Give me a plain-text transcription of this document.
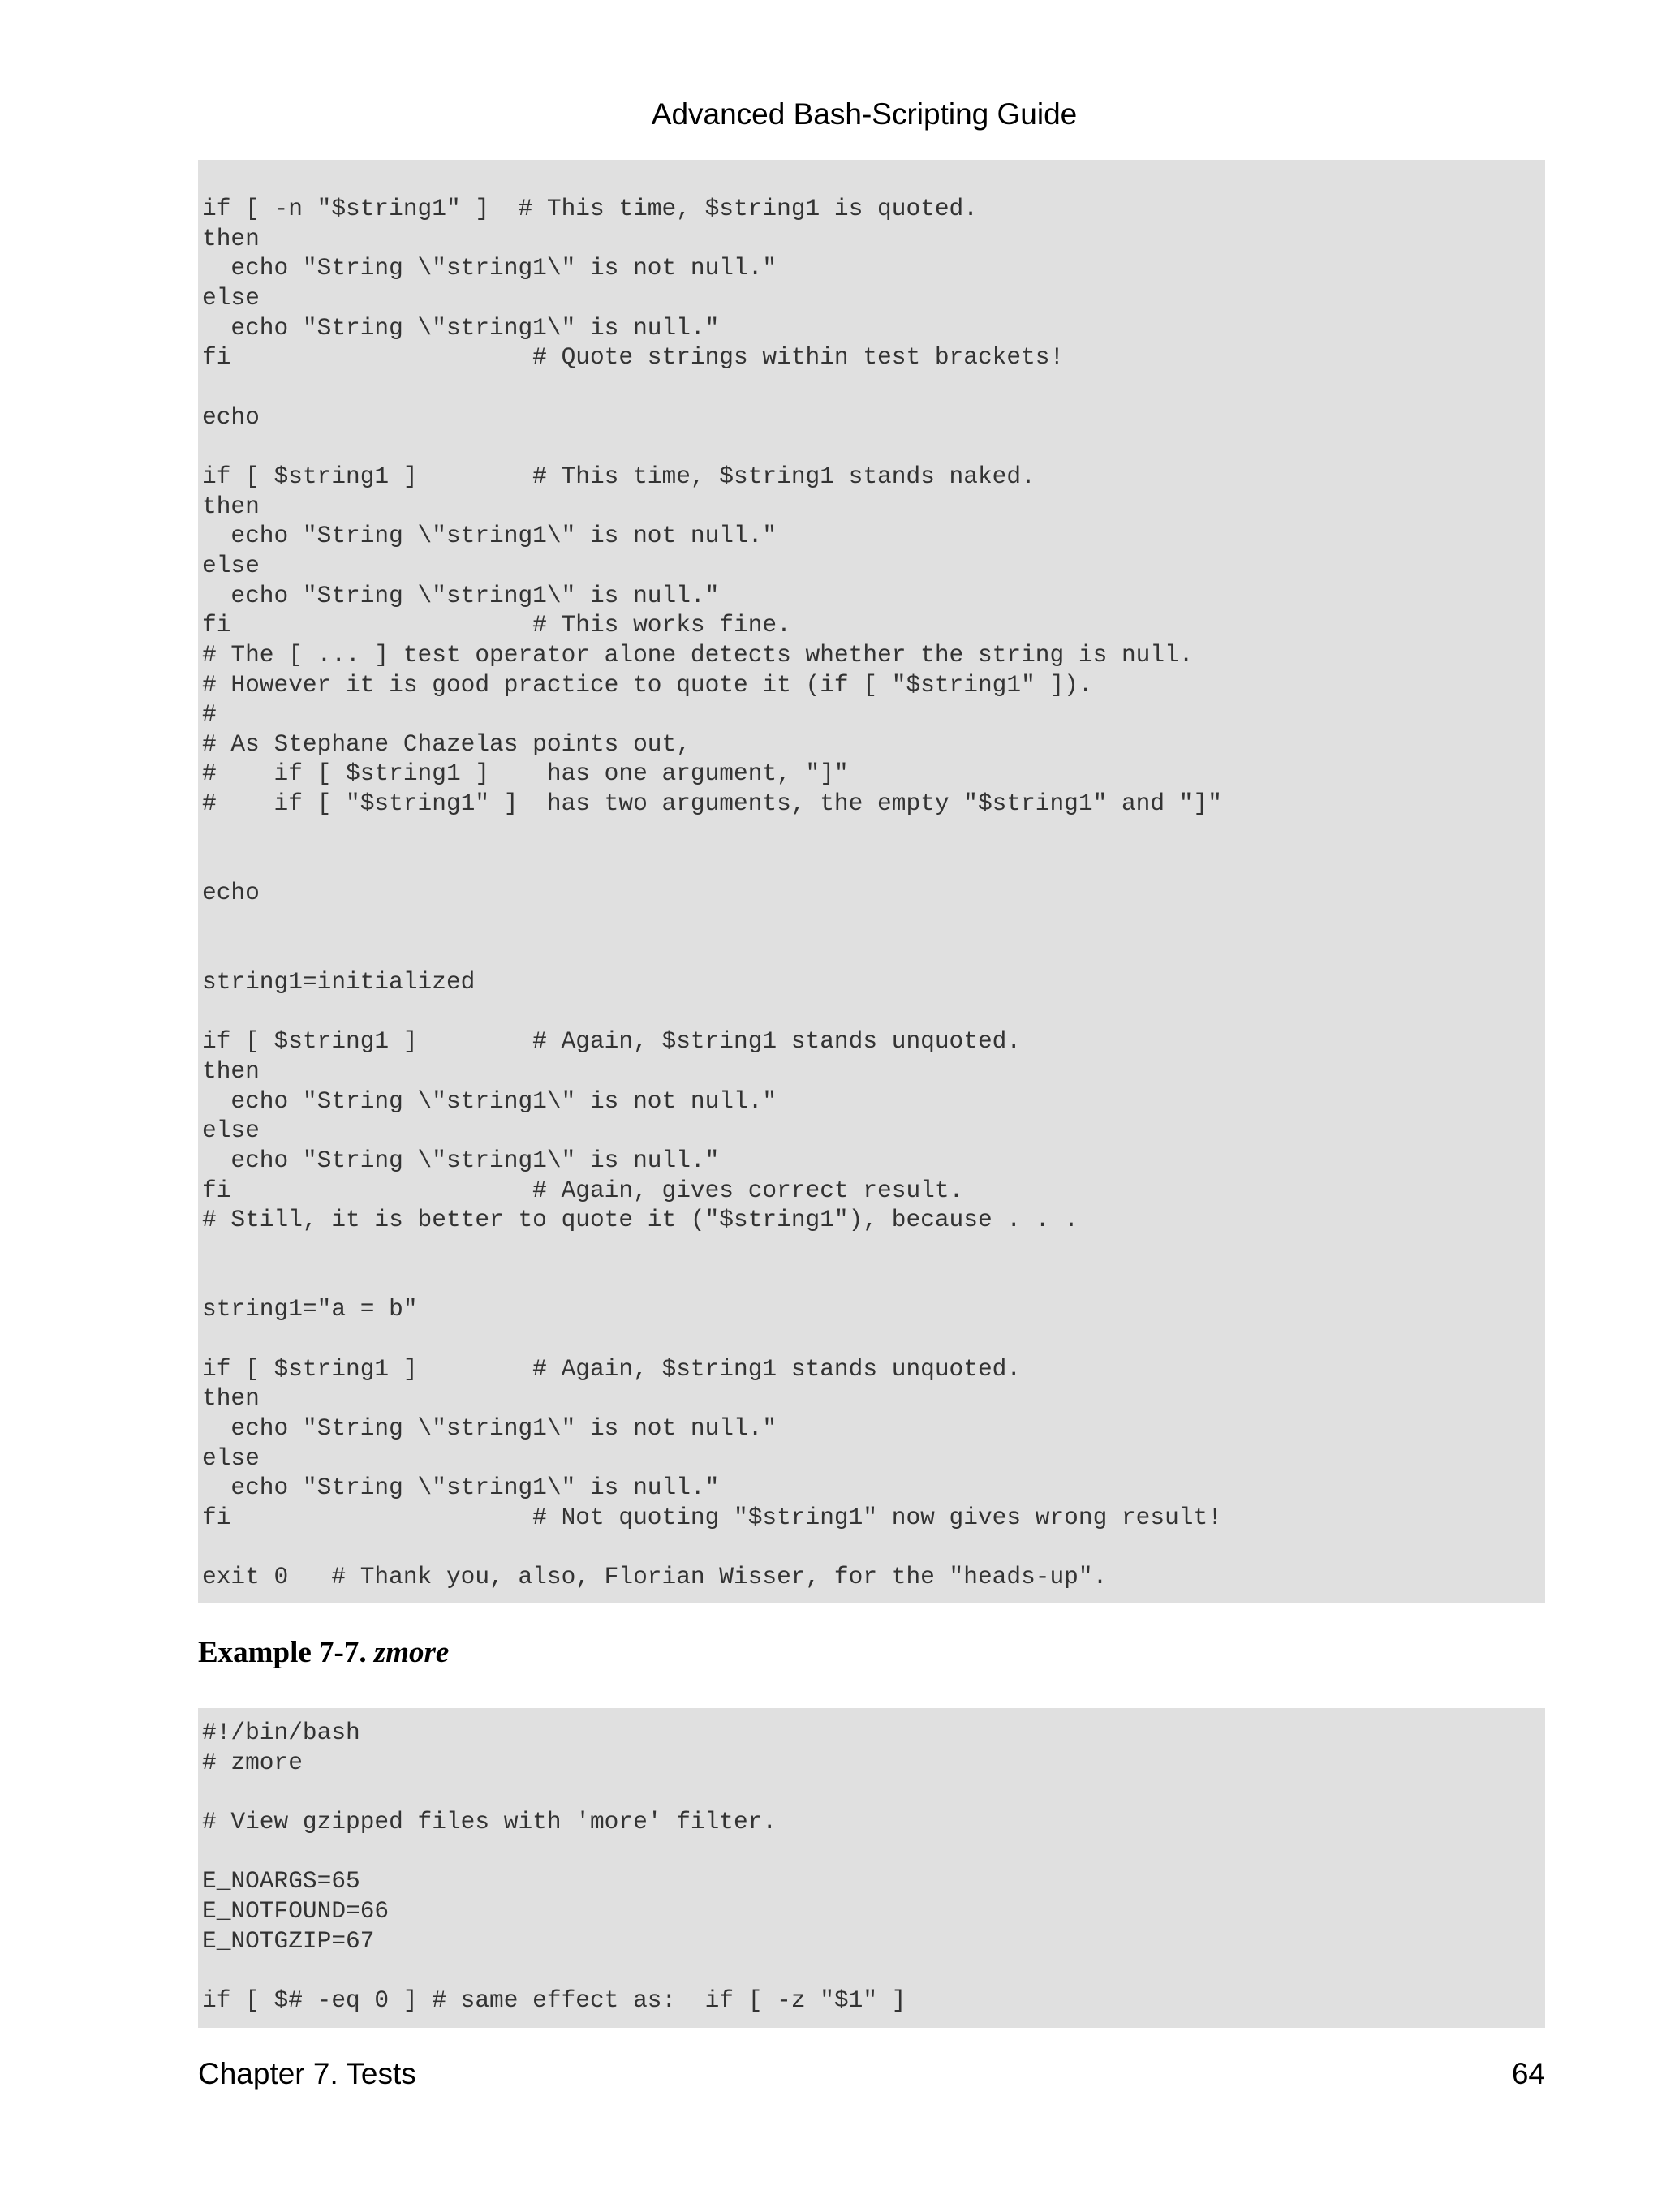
Advanced Bash-Scripting Guide
if [ -n "$string1" ]  # This time, $string1 is quoted.
then
echo "String \"string1\" is not null."
else
echo "String \"string1\" is null."
fi                     # Quote strings within test brackets!

echo

if [ $string1 ]        # This time, $string1 stands naked.
then
echo "String \"string1\" is not null."
else
echo "String \"string1\" is null."
fi                     # This works fine.
# The [ ... ] test operator alone detects whether the string is null.
# However it is good practice to quote it (if [ "$string1" ]).
#
# As Stephane Chazelas points out,
#    if [ $string1 ]    has one argument, "]"
#    if [ "$string1" ]  has two arguments, the empty "$string1" and "]"

echo

string1=initialized

if [ $string1 ]        # Again, $string1 stands unquoted.
then
echo "String \"string1\" is not null."
else
echo "String \"string1\" is null."
fi                     # Again, gives correct result.
# Still, it is better to quote it ("$string1"), because . . .

string1="a = b"

if [ $string1 ]        # Again, $string1 stands unquoted.
then
echo "String \"string1\" is not null."
else
echo "String \"string1\" is null."
fi                     # Not quoting "$string1" now gives wrong result!

exit 0   # Thank you, also, Florian Wisser, for the "heads-up".
Example 7-7. zmore
#!/bin/bash
# zmore

# View gzipped files with 'more' filter.

E_NOARGS=65
E_NOTFOUND=66
E_NOTGZIP=67

if [ $# -eq 0 ] # same effect as:  if [ -z "$1" ]
Chapter 7. Tests	64
